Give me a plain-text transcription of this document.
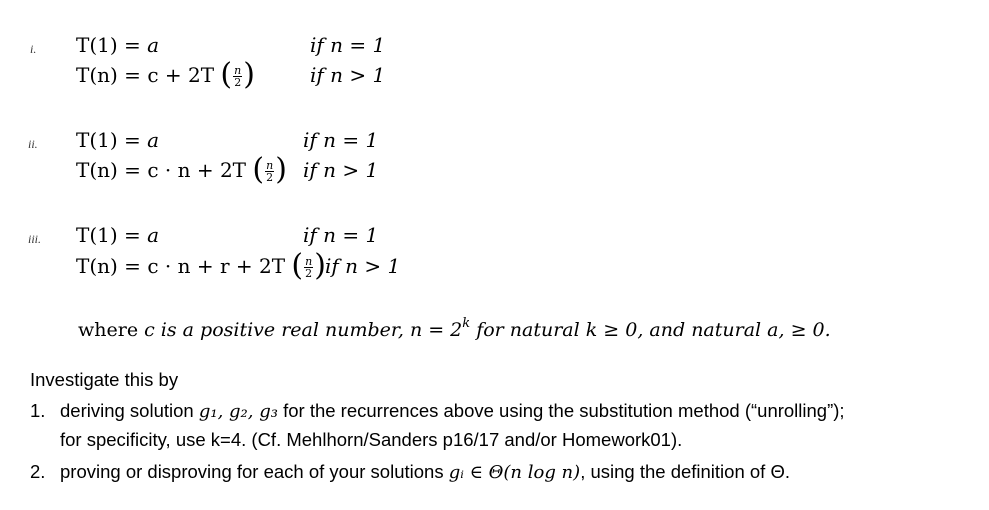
i. T(1) = a
T(n) = c + 2T ( $\frac{n}{2}$ )
if n = 1
if n > 1
ii. T(1) = a
T(n) = c · n + 2T ( $\frac{n}{2}$ )
if n = 1
if n > 1
iii. T(1) = a
T(n) = c · n + r + 2T ( $\frac{n}{2}$ )
if n = 1
if n > 1
where c is a positive real number, $n = 2^k$ for natural k ≥ 0, and natural a, ≥ 0.
Investigate this by
1. deriving solution g₁, g₂, g₃ for the recurrences above using the substitution method (“unrolling”);
for specificity, use k=4. (Cf. Mehlhorn/Sanders p16/17 and/or Homework01).
2. proving or disproving for each of your solutions gᵢ ∈ Θ(n log n), using the definition of Θ.
